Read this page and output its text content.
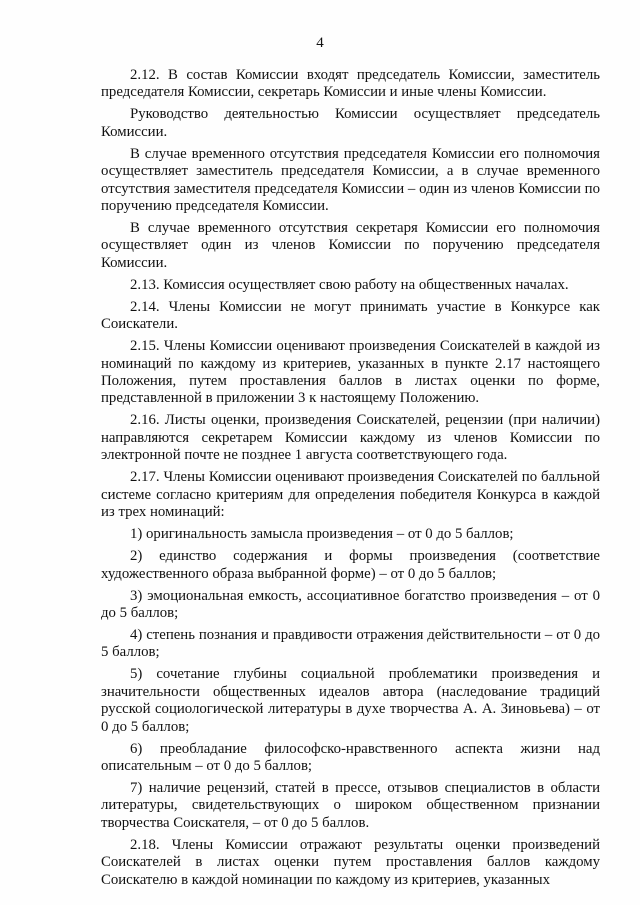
4

2.12. В состав Комиссии входят председатель Комиссии, заместитель председателя Комиссии, секретарь Комиссии и иные члены Комиссии.

Руководство деятельностью Комиссии осуществляет председатель Комиссии.

В случае временного отсутствия председателя Комиссии его полномочия осуществляет заместитель председателя Комиссии, а в случае временного отсутствия заместителя председателя Комиссии – один из членов Комиссии по поручению председателя Комиссии.

В случае временного отсутствия секретаря Комиссии его полномочия осуществляет один из членов Комиссии по поручению председателя Комиссии.

2.13. Комиссия осуществляет свою работу на общественных началах.

2.14. Члены Комиссии не могут принимать участие в Конкурсе как Соискатели.

2.15. Члены Комиссии оценивают произведения Соискателей в каждой из номинаций по каждому из критериев, указанных в пункте 2.17 настоящего Положения, путем проставления баллов в листах оценки по форме, представленной в приложении 3 к настоящему Положению.

2.16. Листы оценки, произведения Соискателей, рецензии (при наличии) направляются секретарем Комиссии каждому из членов Комиссии по электронной почте не позднее 1 августа соответствующего года.

2.17. Члены Комиссии оценивают произведения Соискателей по балльной системе согласно критериям для определения победителя Конкурса в каждой из трех номинаций:

1) оригинальность замысла произведения – от 0 до 5 баллов;

2) единство содержания и формы произведения (соответствие художественного образа выбранной форме) – от 0 до 5 баллов;

3) эмоциональная емкость, ассоциативное богатство произведения – от 0 до 5 баллов;

4) степень познания и правдивости отражения действительности – от 0 до 5 баллов;

5) сочетание глубины социальной проблематики произведения и значительности общественных идеалов автора (наследование традиций русской социологической литературы в духе творчества А. А. Зиновьева) – от 0 до 5 баллов;

6) преобладание философско-нравственного аспекта жизни над описательным – от 0 до 5 баллов;

7) наличие рецензий, статей в прессе, отзывов специалистов в области литературы, свидетельствующих о широком общественном признании творчества Соискателя, – от 0 до 5 баллов.

2.18. Члены Комиссии отражают результаты оценки произведений Соискателей в листах оценки путем проставления баллов каждому Соискателю в каждой номинации по каждому из критериев, указанных
